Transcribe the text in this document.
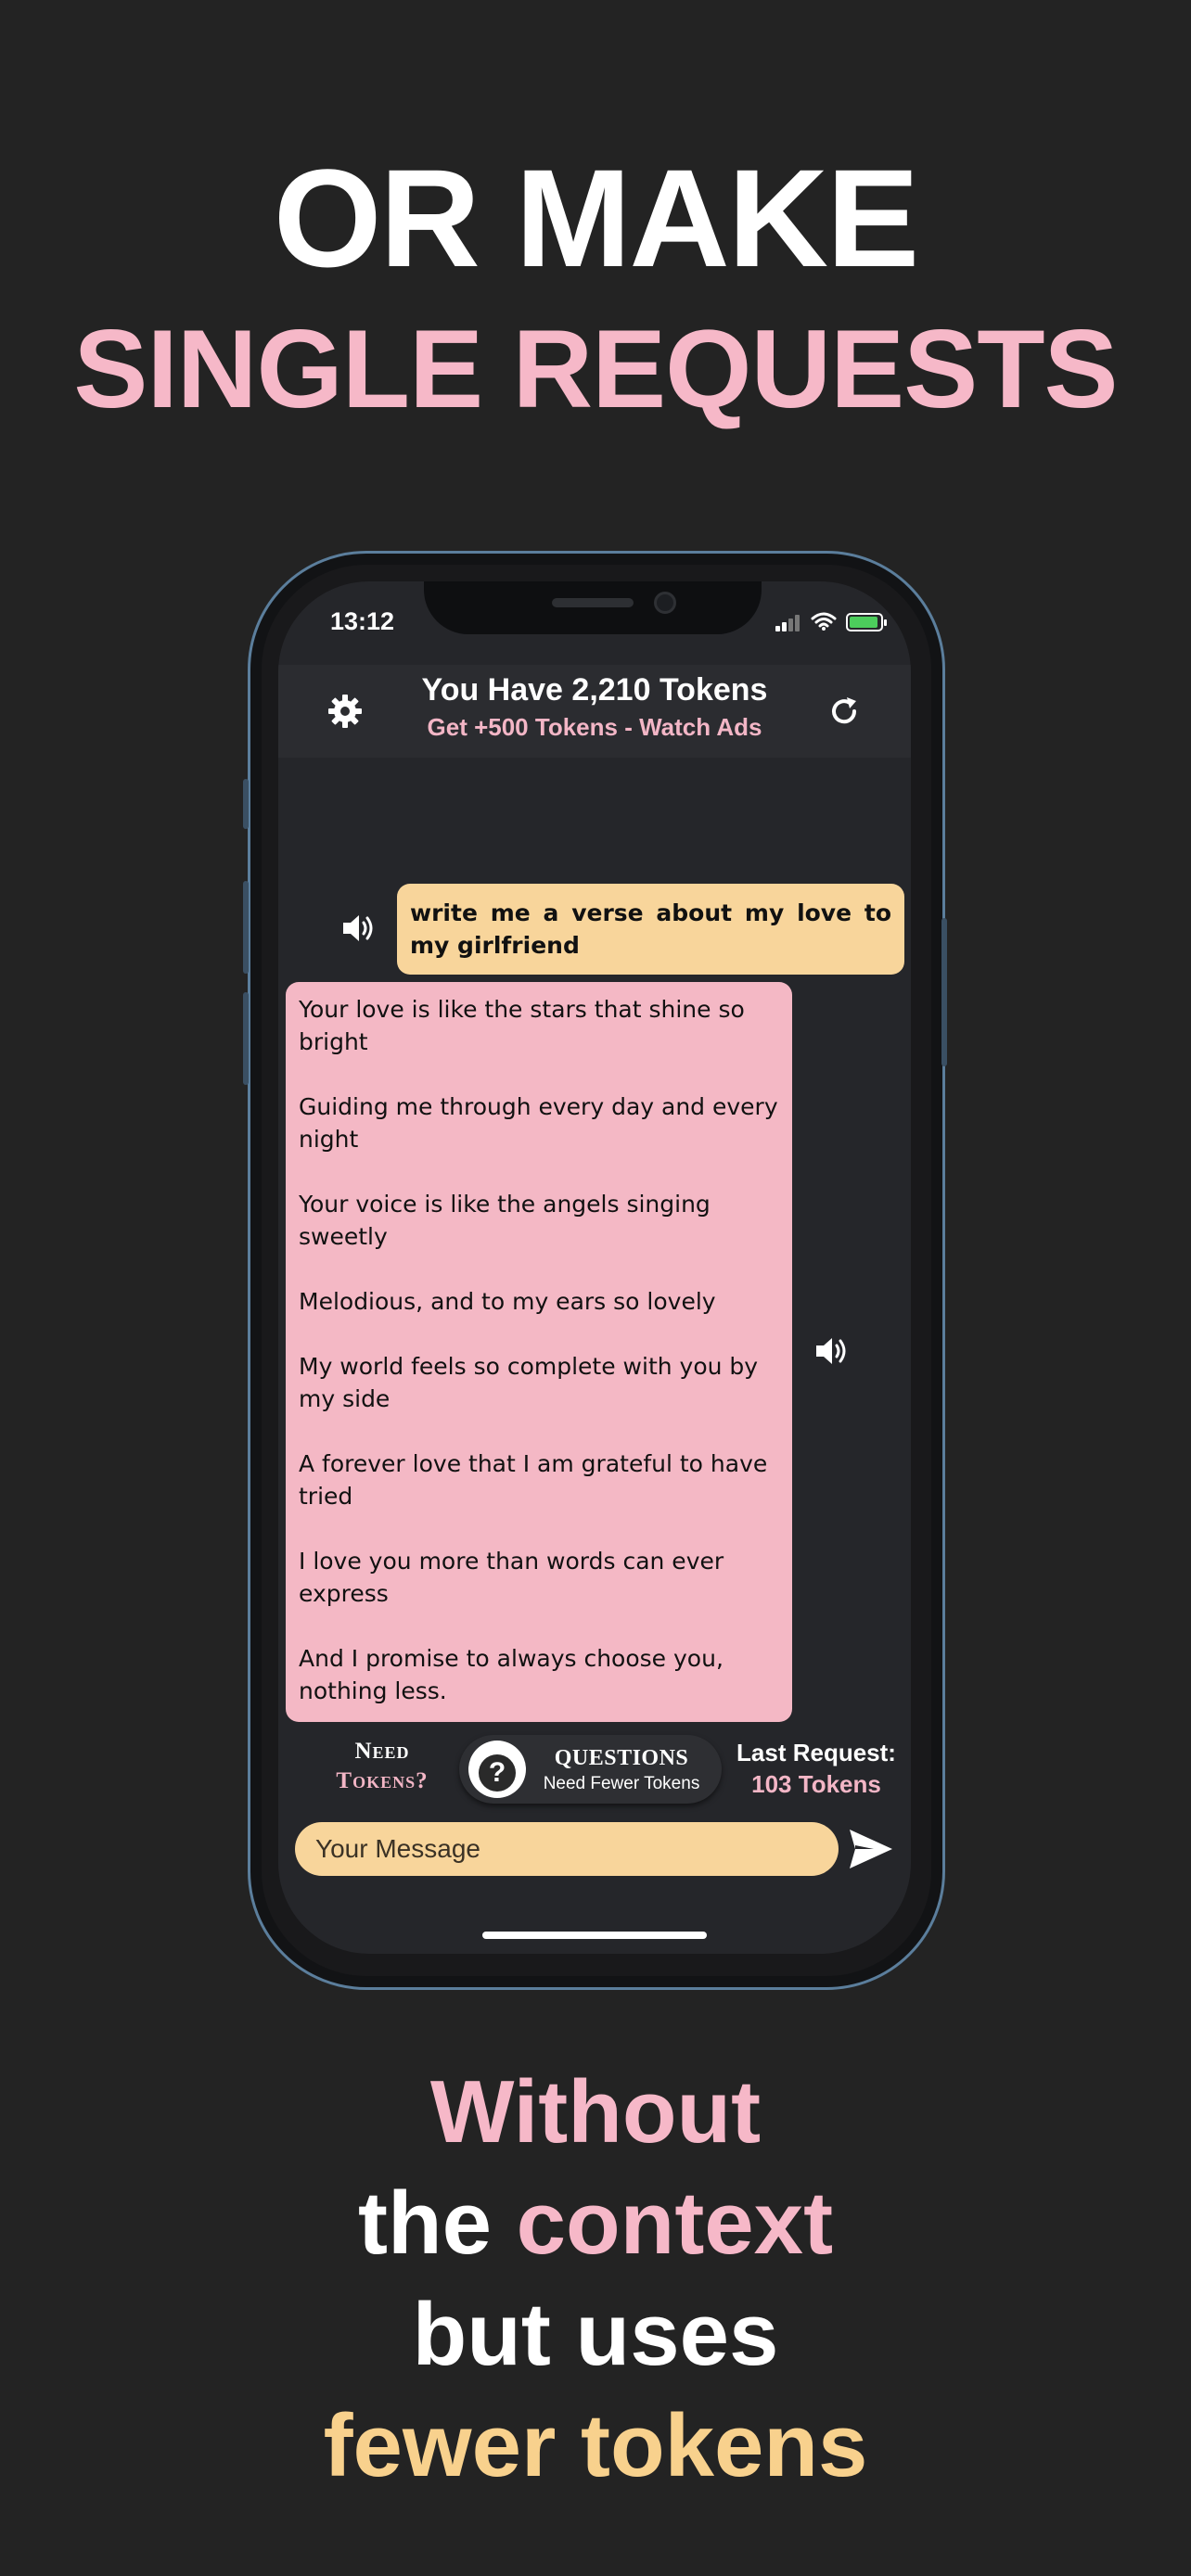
OR MAKE
SINGLE REQUESTS
13:12
You Have 2,210 Tokens
Get +500 Tokens - Watch Ads
write me a verse about my love to my girlfriend

Your love is like the stars that shine so bright

Guiding me through every day and every night

Your voice is like the angels singing sweetly

Melodious, and to my ears so lovely

My world feels so complete with you by my side

A forever love that I am grateful to have tried

I love you more than words can ever express

And I promise to always choose you, nothing less.

Need
Tokens?	?	QUESTIONS
Need Fewer Tokens
Last Request:
103 Tokens
Your Message
Without
the context
but uses
fewer tokens
